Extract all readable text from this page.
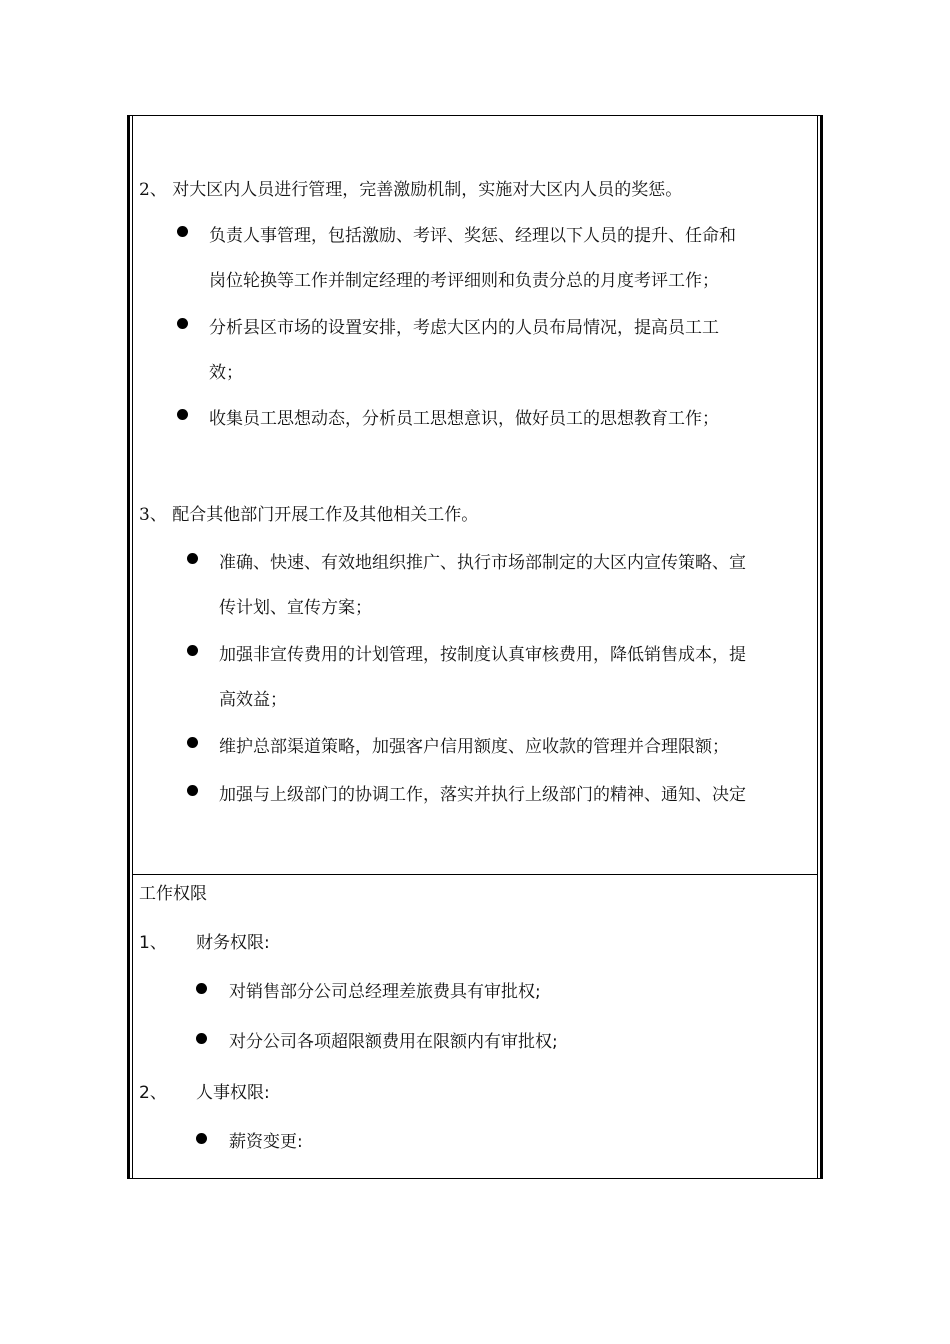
2、 对大区内人员进行管理，完善激励机制，实施对大区内人员的奖惩。
负责人事管理，包括激励、考评、奖惩、经理以下人员的提升、任命和
岗位轮换等工作并制定经理的考评细则和负责分总的月度考评工作；
分析县区市场的设置安排，考虑大区内的人员布局情况，提高员工工
效；
收集员工思想动态，分析员工思想意识，做好员工的思想教育工作；
3、 配合其他部门开展工作及其他相关工作。
准确、快速、有效地组织推广、执行市场部制定的大区内宣传策略、宣
传计划、宣传方案；
加强非宣传费用的计划管理，按制度认真审核费用，降低销售成本，提
高效益；
维护总部渠道策略，加强客户信用额度、应收款的管理并合理限额；
加强与上级部门的协调工作，落实并执行上级部门的精神、通知、决定
工作权限
1、 财务权限:
对销售部分公司总经理差旅费具有审批权;
对分公司各项超限额费用在限额内有审批权;
2、 人事权限:
薪资变更:
